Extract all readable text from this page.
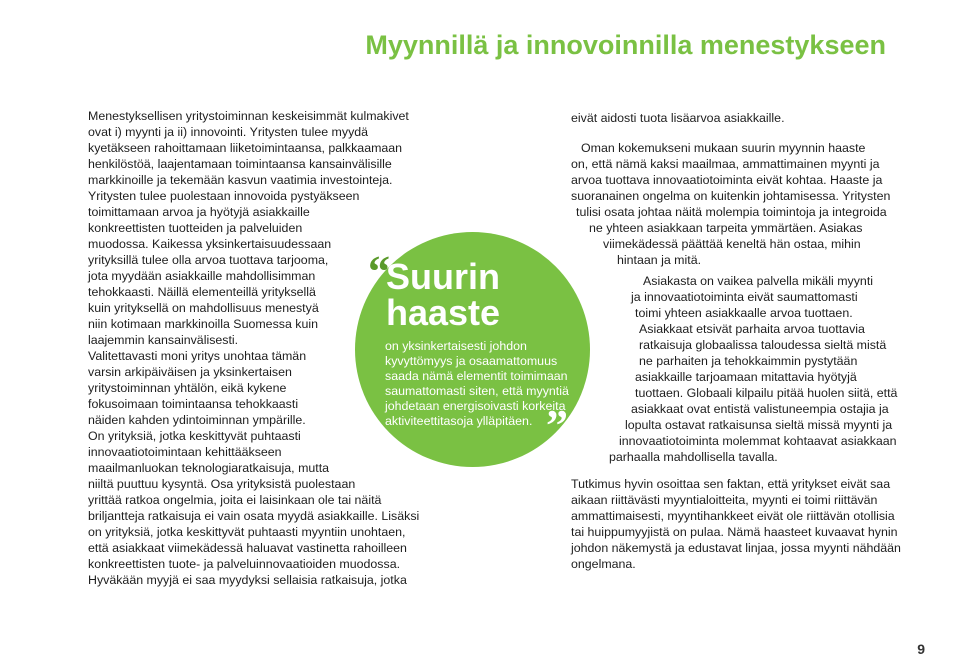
Myynnillä ja innovoinnilla menestykseen
Menestyksellisen yritystoiminnan keskeisimmät kulmakivet
ovat i) myynti ja ii) innovointi. Yritysten tulee myydä
kyetäkseen rahoittamaan liiketoimintaansa, palkkaamaan
henkilöstöä, laajentamaan toimintaansa kansainvälisille
markkinoille ja tekemään kasvun vaatimia investointeja.
Yritysten tulee puolestaan innovoida pystyäkseen
toimittamaan arvoa ja hyötyjä asiakkaille
konkreettisten tuotteiden ja palveluiden
muodossa. Kaikessa yksinkertaisuudessaan
yrityksillä tulee olla arvoa tuottava tarjooma,
jota myydään asiakkaille mahdollisimman
tehokkaasti. Näillä elementeillä yrityksellä
kuin yrityksellä on mahdollisuus menestyä
niin kotimaan markkinoilla Suomessa kuin
laajemmin kansainvälisesti.
Valitettavasti moni yritys unohtaa tämän
varsin arkipäiväisen ja yksinkertaisen
yritystoiminnan yhtälön, eikä kykene
fokusoimaan toimintaansa tehokkaasti
näiden kahden ydintoiminnan ympärille.
On yrityksiä, jotka keskittyvät puhtaasti
innovaatiotoimintaan kehittääkseen
maailmanluokan teknologiaratkaisuja, mutta
niiltä puuttuu kysyntä. Osa yrityksistä puolestaan
yrittää ratkoa ongelmia, joita ei laisinkaan ole tai näitä
briljantteja ratkaisuja ei vain osata myydä asiakkaille. Lisäksi
on yrityksiä, jotka keskittyvät puhtaasti myyntiin unohtaen,
että asiakkaat viimekädessä haluavat vastinetta rahoilleen
konkreettisten tuote- ja palveluinnovaatioiden muodossa.
Hyväkään myyjä ei saa myydyksi sellaisia ratkaisuja, jotka
“
Suurin
haaste
on yksinkertaisesti johdon
kyvyttömyys ja osaamattomuus
saada nämä elementit toimimaan
saumattomasti siten, että myyntiä
johdetaan energisoivasti korkeita
aktiviteettitasoja ylläpitäen. ”
eivät aidosti tuota lisäarvoa asiakkaille.
Oman kokemukseni mukaan suurin myynnin haaste
on, että nämä kaksi maailmaa, ammattimainen myynti ja
arvoa tuottava innovaatiotoiminta eivät kohtaa. Haaste ja
suoranainen ongelma on kuitenkin johtamisessa. Yritysten
tulisi osata johtaa näitä molempia toimintoja ja integroida
ne yhteen asiakkaan tarpeita ymmärtäen. Asiakas
viimekädessä päättää keneltä hän ostaa, mihin
hintaan ja mitä.
Asiakasta on vaikea palvella mikäli myynti
ja innovaatiotoiminta eivät saumattomasti
toimi yhteen asiakkaalle arvoa tuottaen.
Asiakkaat etsivät parhaita arvoa tuottavia
ratkaisuja globaalissa taloudessa sieltä mistä
ne parhaiten ja tehokkaimmin pystytään
asiakkaille tarjoamaan mitattavia hyötyjä
tuottaen. Globaali kilpailu pitää huolen siitä, että
asiakkaat ovat entistä valistuneempia ostajia ja
lopulta ostavat ratkaisunsa sieltä missä myynti ja
innovaatiotoiminta molemmat kohtaavat asiakkaan
parhaalla mahdollisella tavalla.
Tutkimus hyvin osoittaa sen faktan, että yritykset eivät saa
aikaan riittävästi myyntialoitteita, myynti ei toimi riittävän
ammattimaisesti, myyntihankkeet eivät ole riittävän otollisia
tai huippumyyjistä on pulaa. Nämä haasteet kuvaavat hynin
johdon näkemystä ja edustavat linjaa, jossa myynti nähdään
ongelmana.
9
